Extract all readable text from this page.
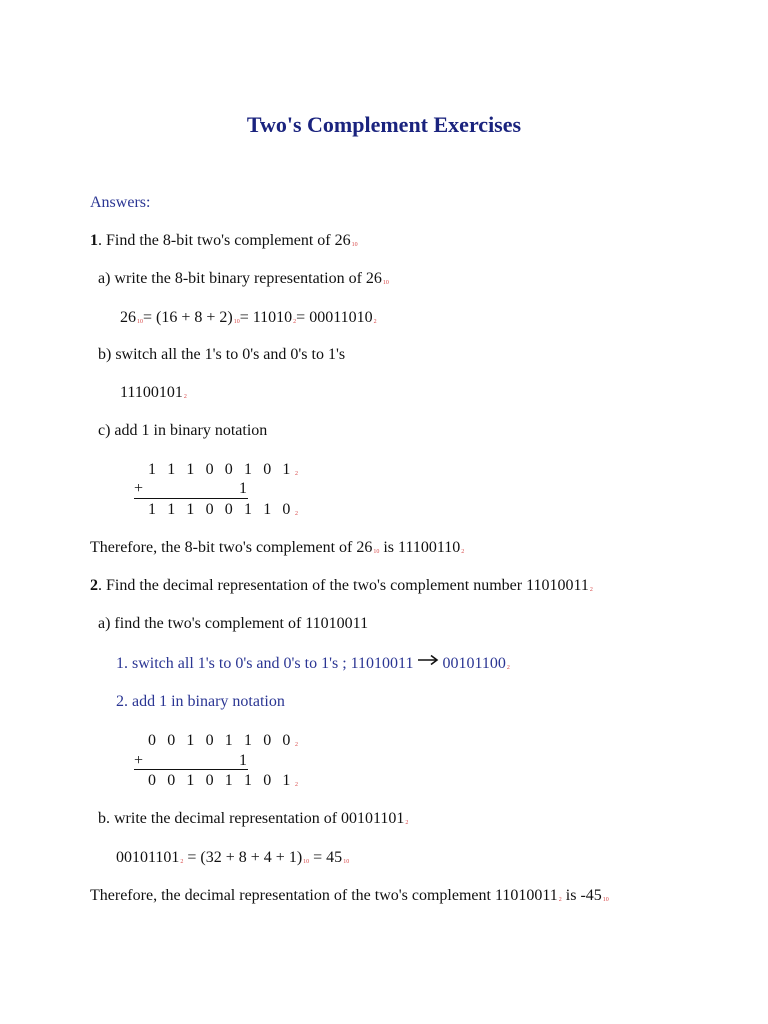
Two's Complement Exercises
Answers:
1. Find the 8-bit two's complement of 2610
a) write the 8-bit binary representation of 2610
2610= (16 + 8 + 2)10= 110102= 000110102
b) switch all the 1's to 0's and 0's to 1's
111001012
c) add 1 in binary notation
1 1 1 0 0 1 0 12
+	1
1 1 1 0 0 1 1 02
Therefore, the 8-bit two's complement of 2610 is 111001102
2. Find the decimal representation of the two's complement number 110100112
a) find the two's complement of 11010011
1. switch all 1's to 0's and 0's to 1's ; 11010011 001011002
2. add 1 in binary notation
0 0 1 0 1 1 0 02
+	1
0 0 1 0 1 1 0 12
b. write the decimal representation of 001011012
001011012 = (32 + 8 + 4 + 1)10 = 4510
Therefore, the decimal representation of the two's complement 110100112 is -4510
